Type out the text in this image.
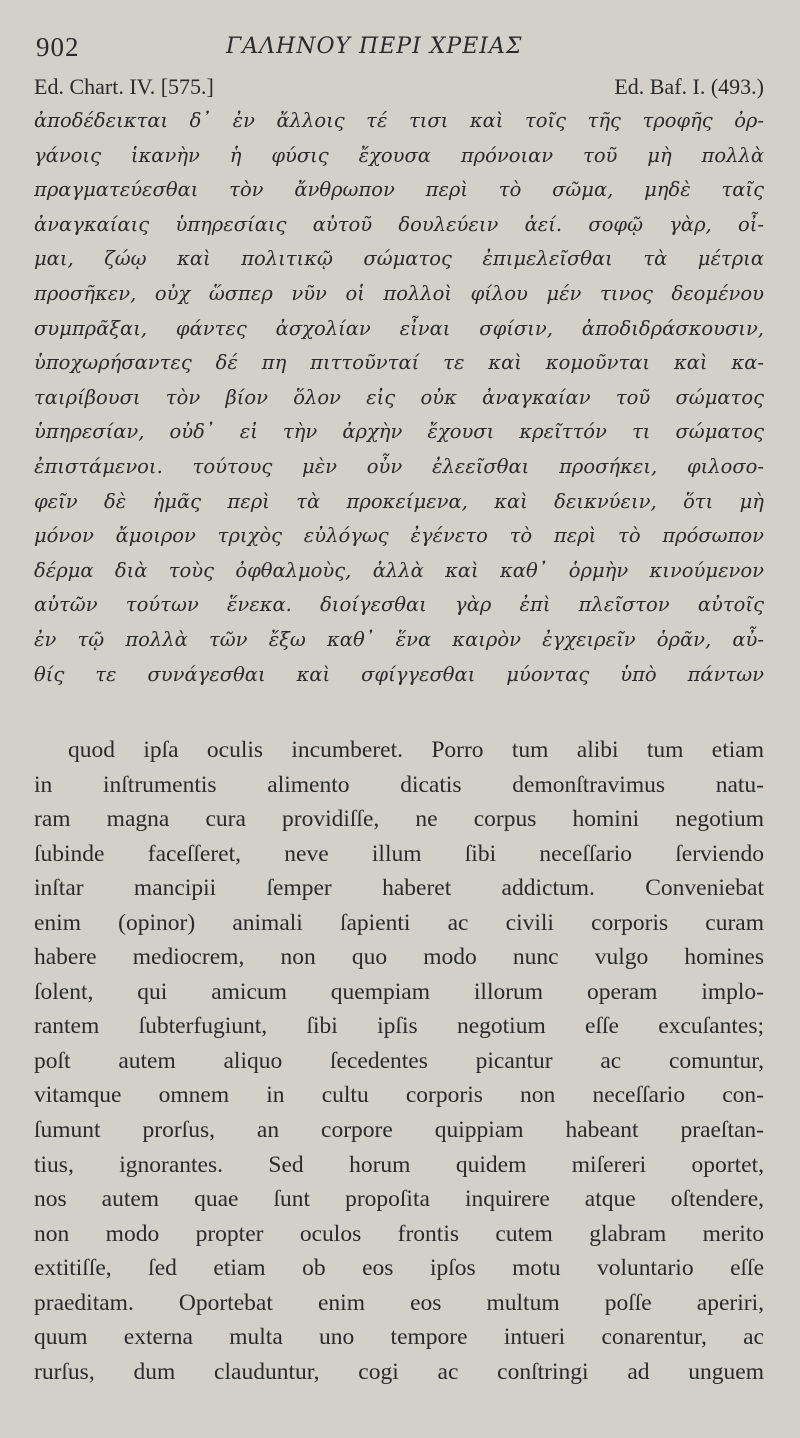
902	ΓΑΛΗΝΟΥ ΠΕΡΙ ΧΡΕΙΑΣ
Ed. Chart. IV. [575.]	Ed. Baf. I. (493.)
ἀποδέδεικται δ᾽ ἐν ἄλλοις τέ τισι καὶ τοῖς τῆς τροφῆς ὀρ-
γάνοις ἱκανὴν ἡ φύσις ἔχουσα πρόνοιαν τοῦ μὴ πολλὰ
πραγματεύεσθαι τὸν ἄνθρωπον περὶ τὸ σῶμα, μηδὲ ταῖς
ἀναγκαίαις ὑπηρεσίαις αὐτοῦ δουλεύειν ἀεί. σοφῷ γὰρ, οἶ-
μαι, ζώῳ καὶ πολιτικῷ σώματος ἐπιμελεῖσθαι τὰ μέτρια
προσῆκεν, οὐχ ὥσπερ νῦν οἱ πολλοὶ φίλου μέν τινος δεομένου
συμπρᾶξαι, φάντες ἀσχολίαν εἶναι σφίσιν, ἀποδιδράσκουσιν,
ὑποχωρήσαντες δέ πη πιττοῦνταί τε καὶ κομοῦνται καὶ κα-
ταιρίβουσι τὸν βίον ὅλον εἰς οὐκ ἀναγκαίαν τοῦ σώματος
ὑπηρεσίαν, οὐδ᾽ εἰ τὴν ἀρχὴν ἔχουσι κρεῖττόν τι σώματος
ἐπιστάμενοι. τούτους μὲν οὖν ἐλεεῖσθαι προσήκει, φιλοσο-
φεῖν δὲ ἡμᾶς περὶ τὰ προκείμενα, καὶ δεικνύειν, ὅτι μὴ
μόνον ἄμοιρον τριχὸς εὐλόγως ἐγένετο τὸ περὶ τὸ πρόσωπον
δέρμα διὰ τοὺς ὀφθαλμοὺς, ἀλλὰ καὶ καθ᾽ ὁρμὴν κινούμενον
αὐτῶν τούτων ἕνεκα. διοίγεσθαι γὰρ ἐπὶ πλεῖστον αὐτοῖς
ἐν τῷ πολλὰ τῶν ἔξω καθ᾽ ἕνα καιρὸν ἐγχειρεῖν ὁρᾶν, αὖ-
θίς τε συνάγεσθαι καὶ σφίγγεσθαι μύοντας ὑπὸ πάντων
quod ipſa oculis incumberet. Porro tum alibi tum etiam
in inſtrumentis alimento dicatis demonſtravimus natu-
ram magna cura providiſſe, ne corpus homini negotium
ſubinde faceſſeret, neve illum ſibi neceſſario ſerviendo
inſtar mancipii ſemper haberet addictum. Conveniebat
enim (opinor) animali ſapienti ac civili corporis curam
habere mediocrem, non quo modo nunc vulgo homines
ſolent, qui amicum quempiam illorum operam implo-
rantem ſubterfugiunt, ſibi ipſis negotium eſſe excuſantes;
poſt autem aliquo ſecedentes picantur ac comuntur,
vitamque omnem in cultu corporis non neceſſario con-
ſumunt prorſus, an corpore quippiam habeant praeſtan-
tius, ignorantes. Sed horum quidem miſereri oportet,
nos autem quae ſunt propoſita inquirere atque oſtendere,
non modo propter oculos frontis cutem glabram merito
extitiſſe, ſed etiam ob eos ipſos motu voluntario eſſe
praeditam. Oportebat enim eos multum poſſe aperiri,
quum externa multa uno tempore intueri conarentur, ac
rurſus, dum clauduntur, cogi ac conſtringi ad unguem
